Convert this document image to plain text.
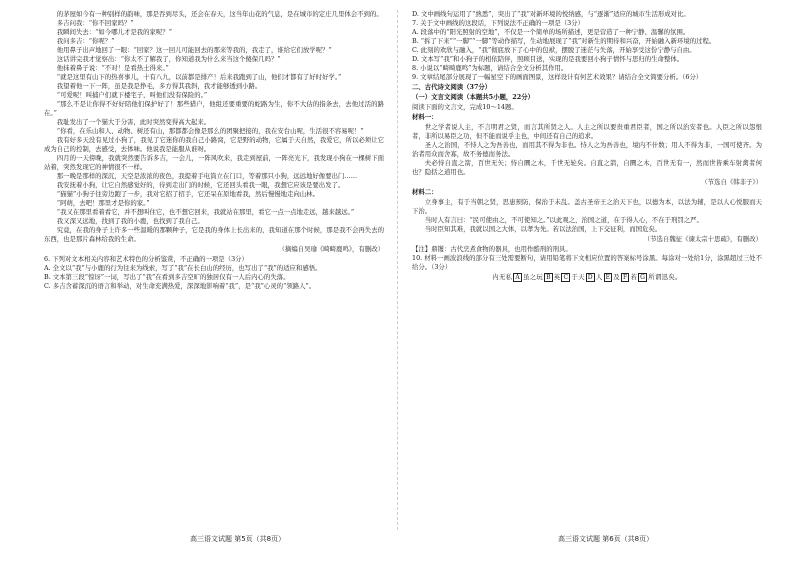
的茅屋如今有一种别样的韵味，那是吞到尽头，还会在春天，这当年山花的气息，是在城市的定庄几里体会不到的。

多吉问我：“你不回家吗？”

我瞬间失去：“如今哪儿才是我的家呢？”

我问多吉：“你呢？”

他用鼻子出声地回了一眼：“回家？这一回儿可能回去的那来等我的，我走了，谁给它们放学呢？”

这话讲完我才觉察出：“你太不了解我了，你知道我为什么来当这个傻保几吗？”

他抹着鼻子说：“不对！是看热土得来。”

“就是这里有山下的热喜事儿，十有八九，以前都是排产！后来我跑到了山，他们才都有了好时好学。”

我望着他一下一阵，虽是我是挣毛，多方得其我斜，我才能够透到小路。

“可爱呢！叫捕户们就下楼宅子，叫他们没有保险的。”

“那么不是让你得不好好陪他们保护好了！那些猎户，他组还要重要的蛇路为生，你不大估的指条去，去他过活的路在。”

我耻发出了一个猫大于分害，此时突然变得高大起来。

“你看，在乐山和人、动物、树还有山，那都都会像是那么的团聚把接的，我在安台山呢，生活很不容易呢！”

我有好多天没有见过小狗了，我见了它迷你的我自己小路窝，它是野的动物，它属于天自然，我爱它，所以必须让它成为自己的控制，去感受，去体味。他说我是能服从谁呀。

四月的一天傍晚，我就突然要告诉多吉，一会儿，一阵风吹来，我走到屋前，一阵亮光下，我发现小狗在一棵树下面站着，突然发现它的神情很不一样。

那一晚是那样的深沉，天空是浓浓的夜色，我提着手电筒立在门口，等着那只小狗，远远地好像要出门……

我安抚着小狗，让它自然感觉好的，待到走出门的时候，它还回头看我一眼，我想它应该是要出发了。

“猫猫”小狗子往旁边跑了一步，我对它招了招手，它还呆在原地看我，然后慢慢地走向山林。

“阿萌，去吧！那里才是你的家。”

“我又在那里看着看它，并不想叫住它，也不想它回来，我就站在那里，看它一点一点地走远，越来越远。”

我又深又远地，找到了我的小鹿，也找到了我自己。

究竟，在我的身子上许多一些温暖的那颗种子，它是我的身体上长出来的，我知道在那个时候，那是我不会再失去的东西，也是那片森林给我的生命。

（摘编自吴瑜《畸畸鹿鸣》，有删改）

6. 下列对文本相关内容和艺术特色的分析鉴赏，不正确的一项是（3分）

A. 全文以“我”与小鹿的行为往来为线索，写了“我”在长白山的经历，也写出了“我”的适应和感悟。

B. 文本第三段“惊讶”一词，写出了“我”在看到多吉空旷的独居仅有一人后内心的失落。

C. 多吉含蓄深沉的语言和举动，对生命充满热爱，深深地影响着“我”，是“我”心灵的“领路人”。

D. 文中画线句运用了“熟悉”，突出了“我”对新环境的悦纳感，与“逐渐”适应的城市生活形成对比。

7. 关于文中画线的这段话，下列说法不正确的一项是（3分）

A. 段落中的“阳光照射的空地”，不仅是一个简单的场所描述，更是营造了一种宁静、温馨的氛围。

B. “拆了下来”“一脚”“一脚”等动作描写，生动地展现了“我”对新生的期待和兴奋，开始融入新环境的过程。

C. 此刻的欢欣与融入，“我”彻底放下了心中的包袱，摆脱了迷茫与失落，开始享受这份宁静与自由。

D. 文本写“我”和小狗子的相依陪伴，照顾目送，实现的是我要回小狗子情怀与思归的生命整体。

8. 小说以“畸畸鹿鸣”为标题，请结合全文分析其作用。

9. 文章结尾部分展现了一幅星空下的画面图景，这样设计有何艺术效果？请结合全文简要分析。（6分）

二、古代诗文阅读（37分）

（一）文言文阅读（本题共5小题，22分）

阅读下面的文言文，完成10～14题。

材料一：

世之学者说人主，不言明君之贤，而言其所贤之人。人主之所以要贵重君臣者，国之所以治安者也。人臣之所以怨恨者，非所以易臣之功，但不能而说乎主也，中间还有自己的追求。

圣人之治国，不恃人之为吾善也，而用其不得为非也。恃人之为吾善也，境内不什数；用人不得为非，一国可使齐。为治者用众而舍寡，故不务德而务法。

夫必恃自直之箭，百世无矢；恃自圜之木，千世无轮矣。自直之箭，自圜之木，百世无有一，然而世皆乘车射禽者何也？隐括之道用也。

（节选自《韩非子》）

材料二：

立身事主，有于当朝之贤，思患预防，保治于未乱。盖古圣帝王之治天下也，以德为本，以法为辅，是以人心悦服而天下治。

当时人有言曰：“民可使由之，不可使知之。”以此观之，治国之道，在于得人心，不在于刑罚之严。

当时臣知其难，我就以国之大体，以孝为先。若以法治国，上下交征利，而国危矣。

（节选自魏征《谏太宗十思疏》，有删改）

【注】鼎镬：古代烹煮食物的器具，也用作酷刑的刑具。

10. 材料一画波浪线的部分有三处需要断句，请用铅笔将下文相应位置的答案标号涂黑。每涂对一处给1分，涂黑超过三处不给分。（3分）

内无私 A 虽之玩 B 英 C 于天 D 人 E 及 F 若 G 所谓迅矣。

高三语文试题 第5页（共8页）	高三语文试题 第6页（共8页）
